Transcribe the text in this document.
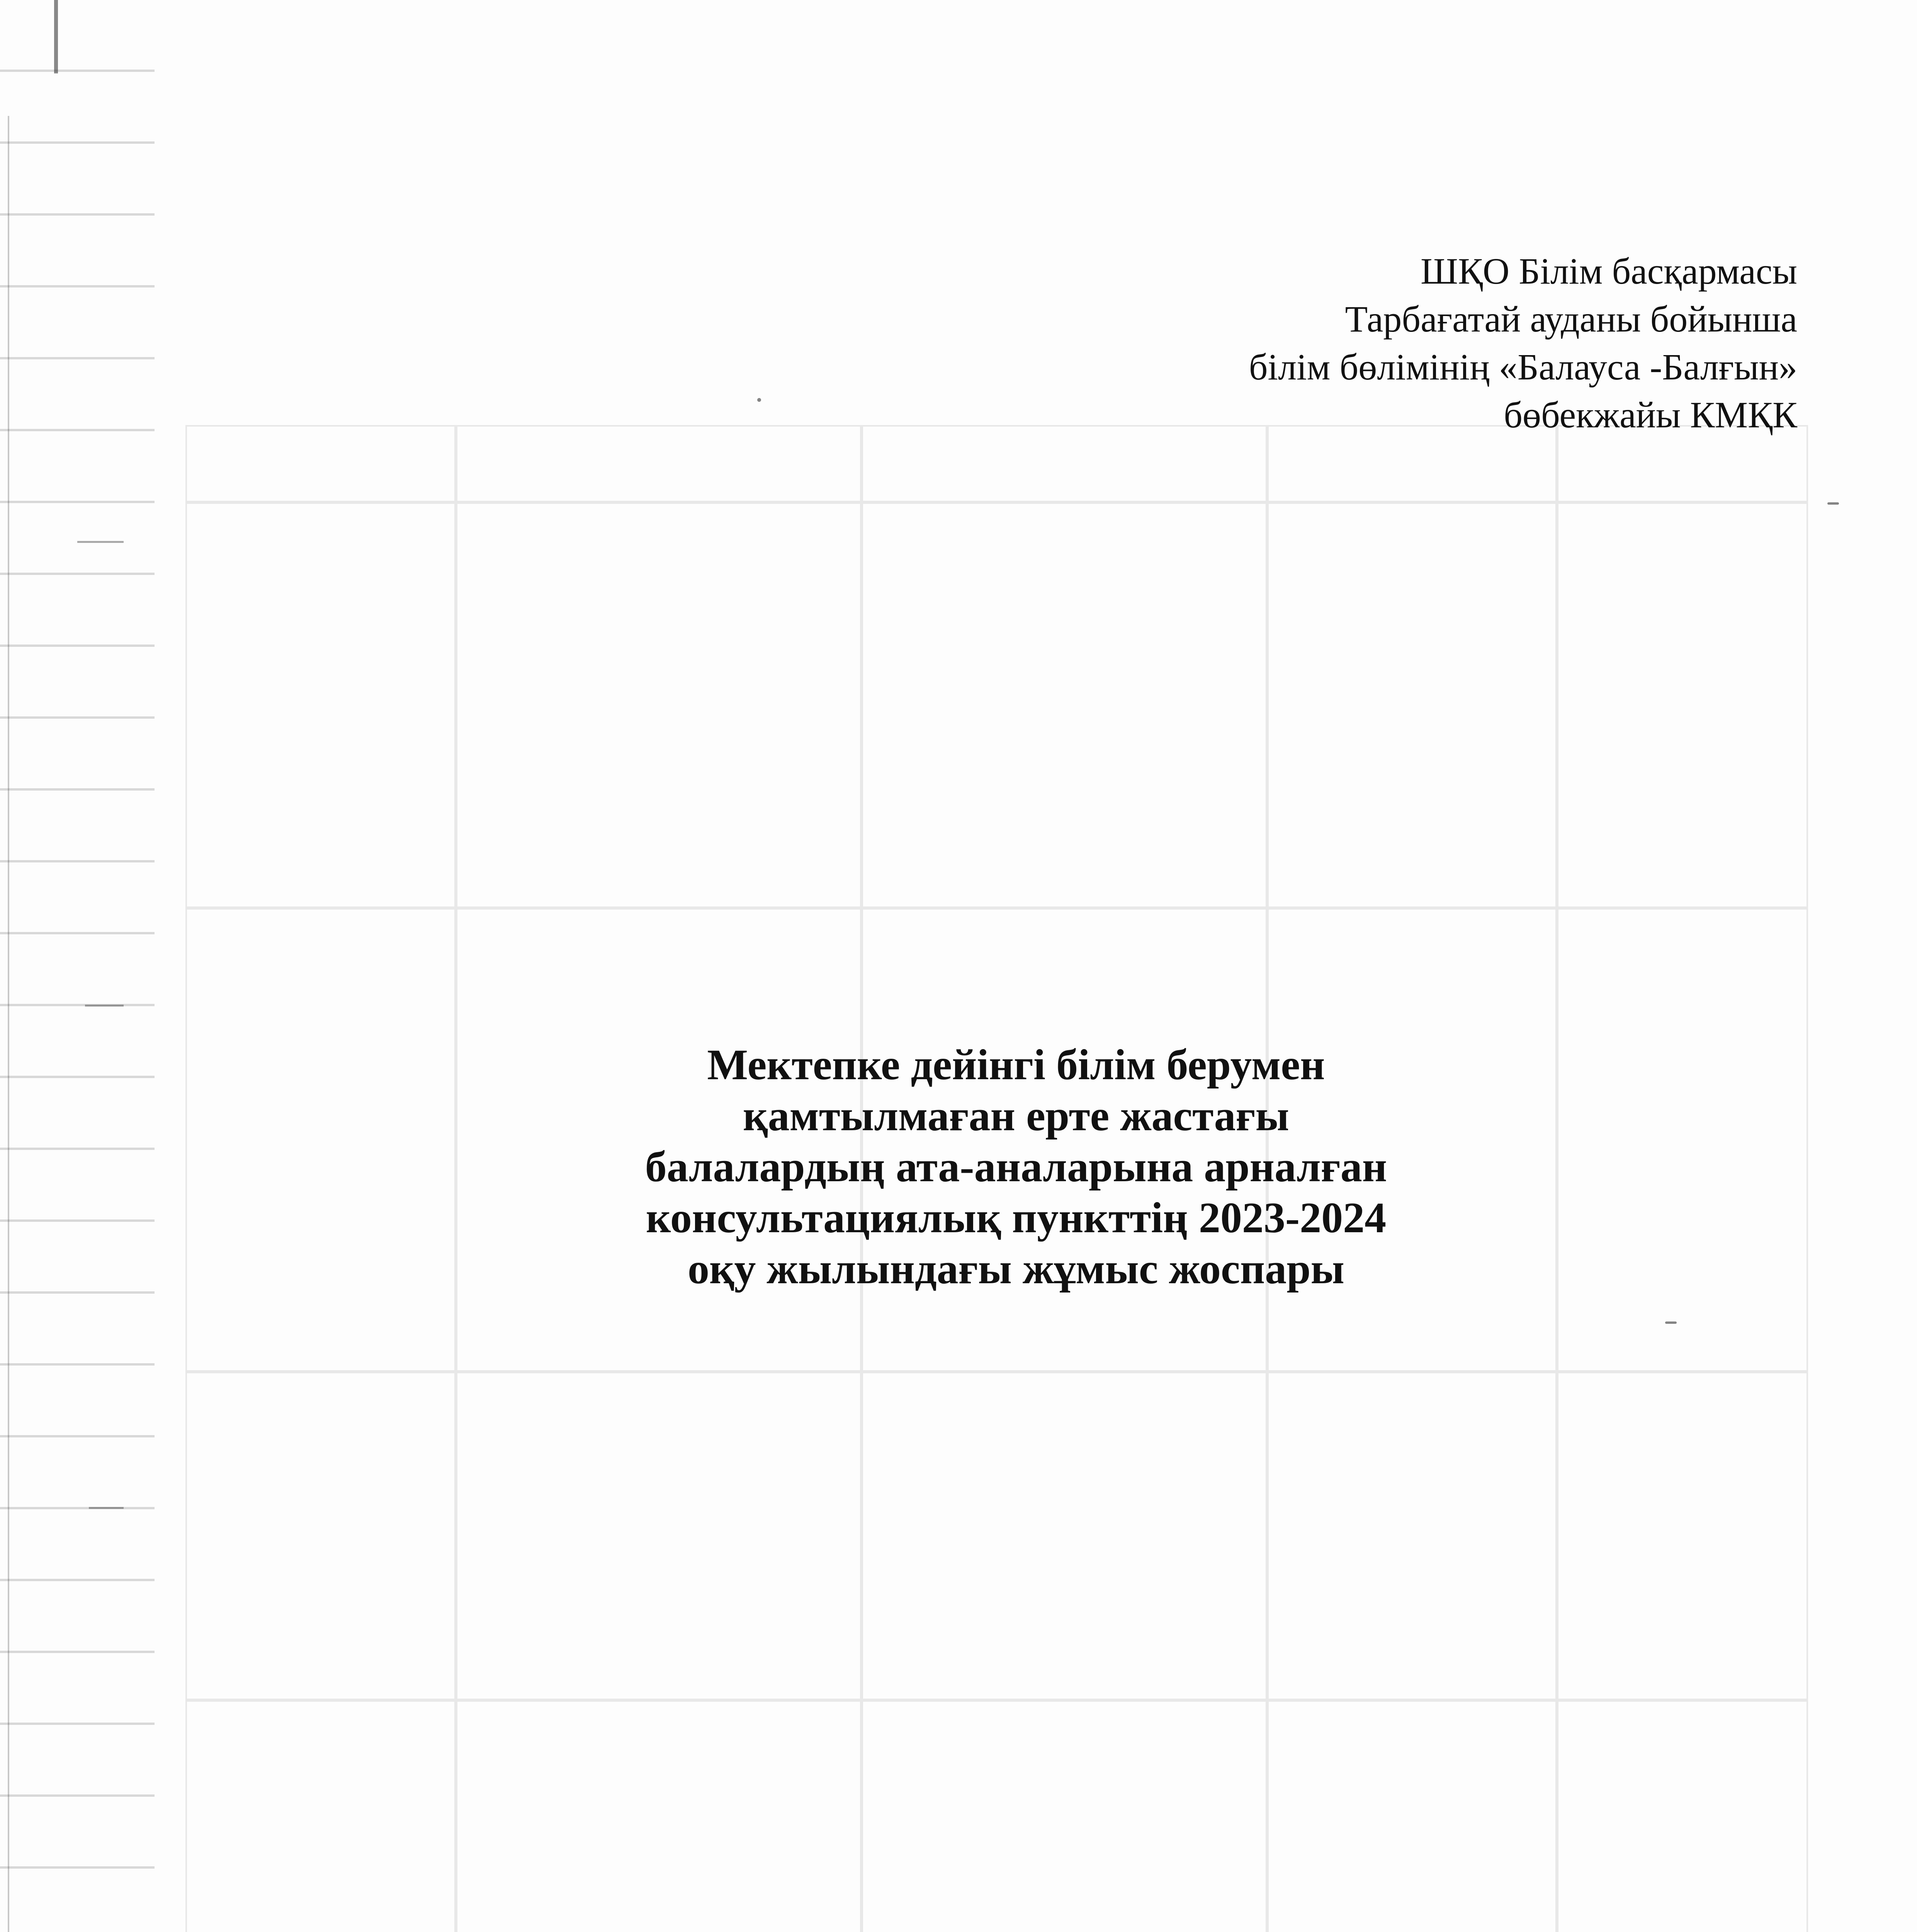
ШҚО Білім басқармасы
Тарбағатай ауданы бойынша
білім бөлімінің «Балауса -Балғын»
бөбекжайы КМҚК
Мектепке дейінгі білім берумен
қамтылмаған ерте жастағы
балалардың ата-аналарына арналған
консультациялық пункттің 2023-2024
оқу жылындағы жұмыс жоспары
